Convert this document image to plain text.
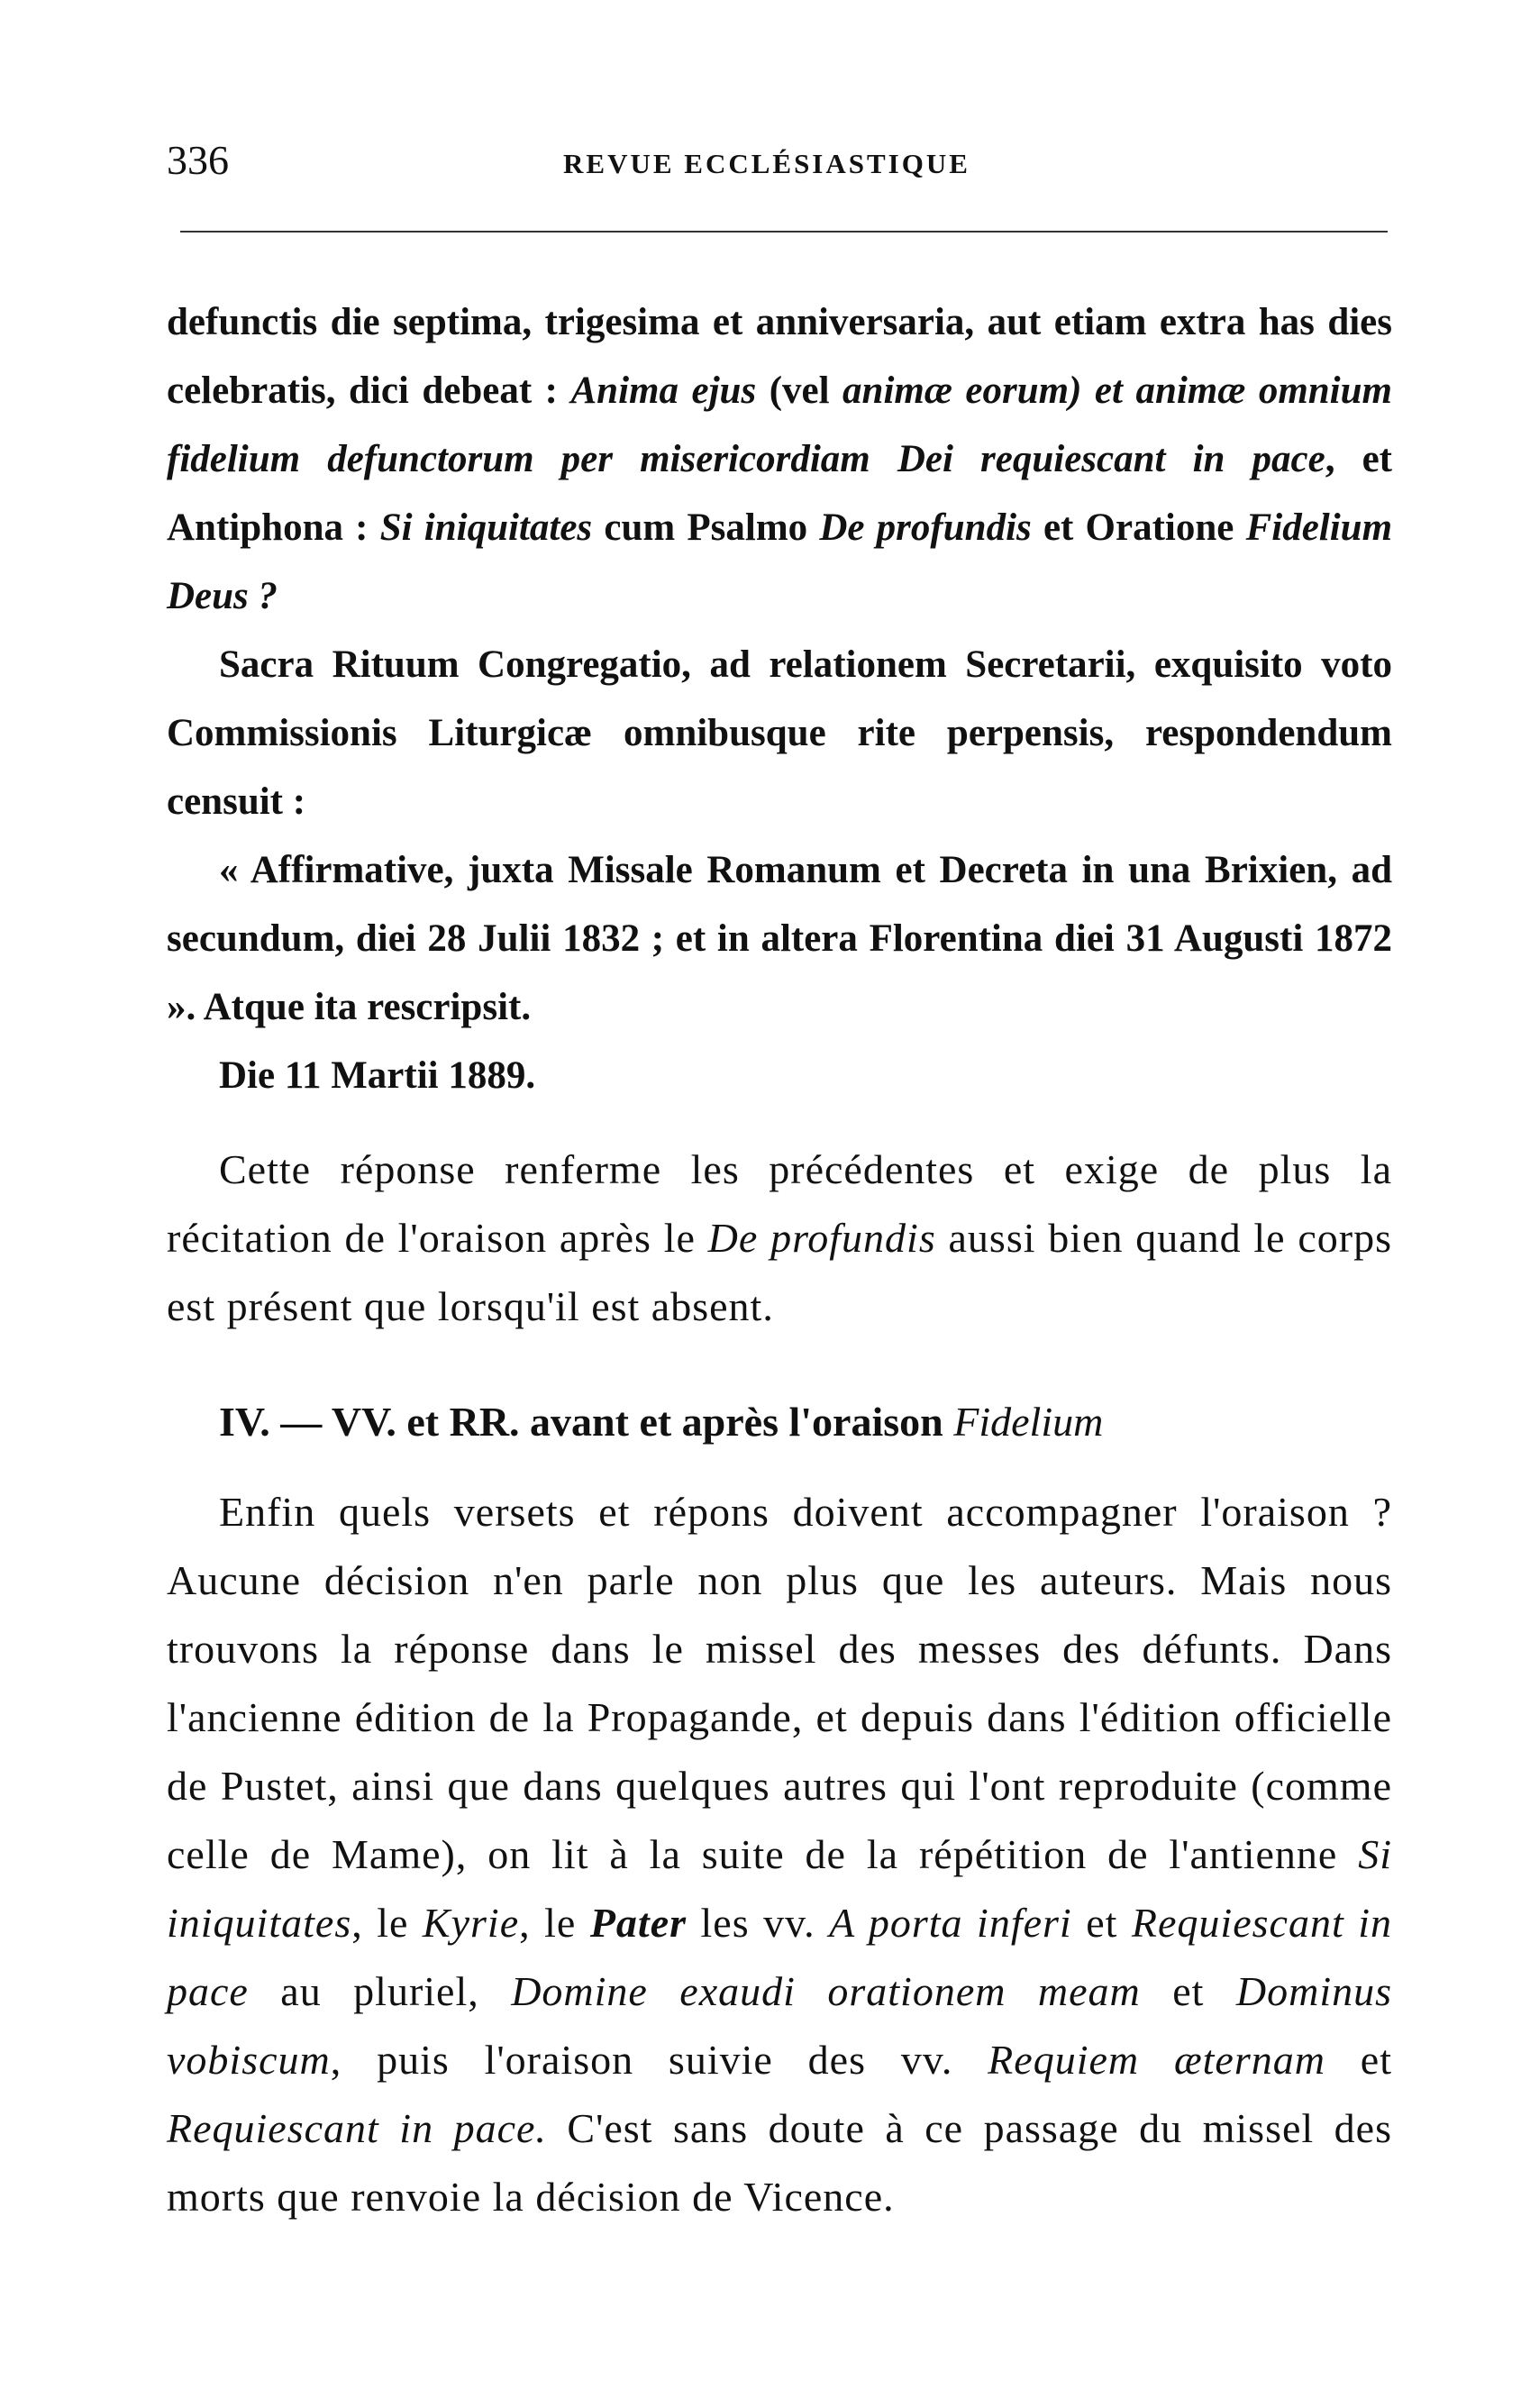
336	REVUE ECCLÉSIASTIQUE

defunctis die septima, trigesima et anniversaria, aut etiam extra has dies celebratis, dici debeat : Anima ejus (vel animæ eorum) et animæ omnium fidelium defunctorum per misericordiam Dei requiescant in pace, et Antiphona : Si iniquitates cum Psalmo De profundis et Oratione Fidelium Deus ?

Sacra Rituum Congregatio, ad relationem Secretarii, exquisito voto Commissionis Liturgicæ omnibusque rite perpensis, respondendum censuit :

« Affirmative, juxta Missale Romanum et Decreta in una Brixien, ad secundum, diei 28 Julii 1832 ; et in altera Florentina diei 31 Augusti 1872 ». Atque ita rescripsit.

Die 11 Martii 1889.

Cette réponse renferme les précédentes et exige de plus la récitation de l'oraison après le De profundis aussi bien quand le corps est présent que lorsqu'il est absent.

IV. — VV. et RR. avant et après l'oraison Fidelium

Enfin quels versets et répons doivent accompagner l'oraison ? Aucune décision n'en parle non plus que les auteurs. Mais nous trouvons la réponse dans le missel des messes des défunts. Dans l'ancienne édition de la Propagande, et depuis dans l'édition officielle de Pustet, ainsi que dans quelques autres qui l'ont reproduite (comme celle de Mame), on lit à la suite de la répétition de l'antienne Si iniquitates, le Kyrie, le Pater les vv. A porta inferi et Requiescant in pace au pluriel, Domine exaudi orationem meam et Dominus vobiscum, puis l'oraison suivie des vv. Requiem æternam et Requiescant in pace. C'est sans doute à ce passage du missel des morts que renvoie la décision de Vicence.
